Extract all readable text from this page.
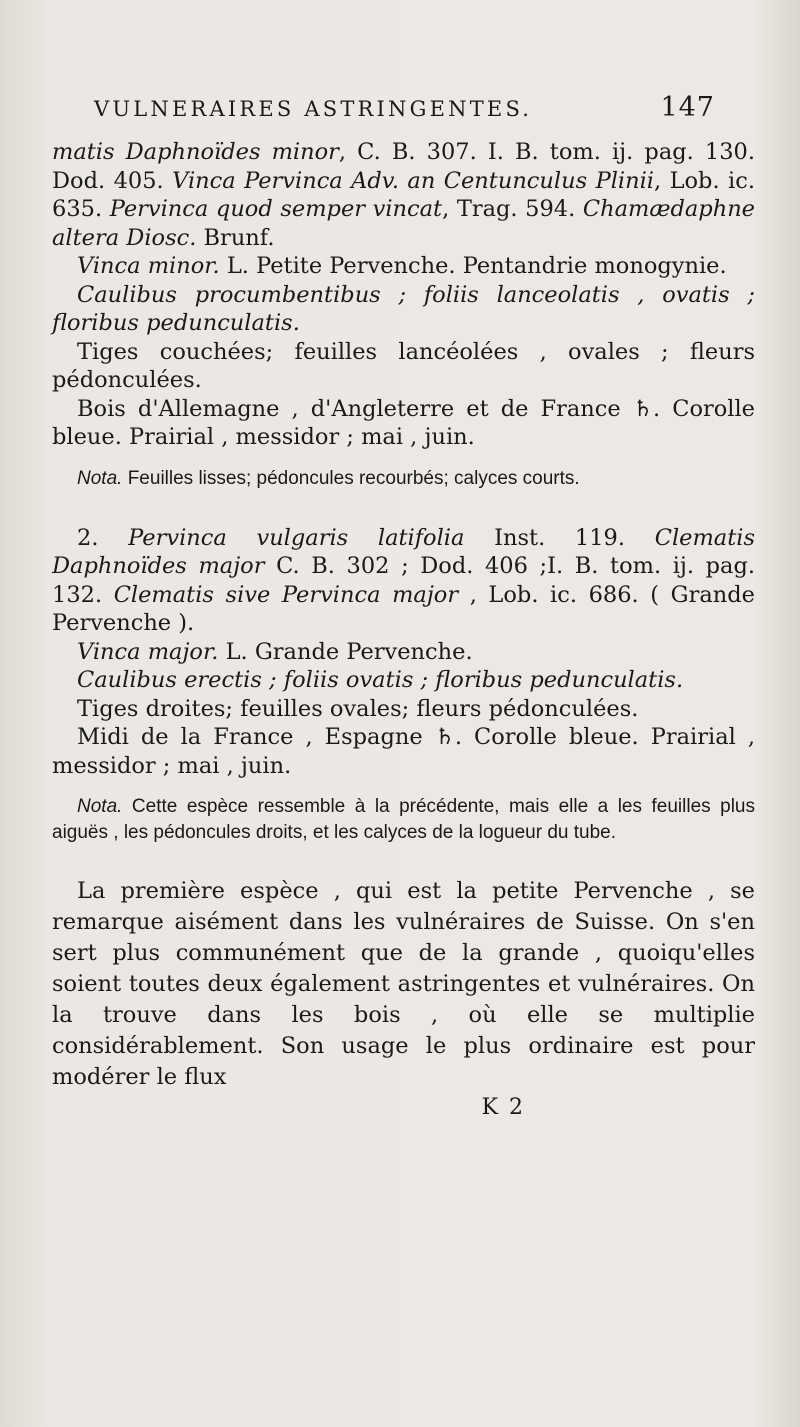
VULNERAIRES ASTRINGENTES.	147

matis Daphnoïdes minor, C. B. 307. I. B. tom. ij. pag. 130. Dod. 405. Vinca Pervinca Adv. an Centunculus Plinii, Lob. ic. 635. Pervinca quod semper vincat, Trag. 594. Chamædaphne altera Diosc. Brunf.

Vinca minor. L. Petite Pervenche. Pentandrie monogynie.

Caulibus procumbentibus ; foliis lanceolatis , ovatis ; floribus pedunculatis.

Tiges couchées; feuilles lancéolées , ovales ; fleurs pédonculées.

Bois d'Allemagne , d'Angleterre et de France ♄. Corolle bleue. Prairial , messidor ; mai , juin.

Nota. Feuilles lisses; pédoncules recourbés; calyces courts.

2. Pervinca vulgaris latifolia Inst. 119. Clematis Daphnoïdes major C. B. 302 ; Dod. 406 ;I. B. tom. ij. pag. 132. Clematis sive Pervinca major , Lob. ic. 686. ( Grande Pervenche ).

Vinca major. L. Grande Pervenche.

Caulibus erectis ; foliis ovatis ; floribus pedunculatis.

Tiges droites; feuilles ovales; fleurs pédonculées.

Midi de la France , Espagne ♄. Corolle bleue. Prairial , messidor ; mai , juin.

Nota. Cette espèce ressemble à la précédente, mais elle a les feuilles plus aiguës , les pédoncules droits, et les calyces de la logueur du tube.

La première espèce , qui est la petite Pervenche , se remarque aisément dans les vulnéraires de Suisse. On s'en sert plus communément que de la grande , quoiqu'elles soient toutes deux également astringentes et vulnéraires. On la trouve dans les bois , où elle se multiplie considérablement. Son usage le plus ordinaire est pour modérer le flux

K 2
